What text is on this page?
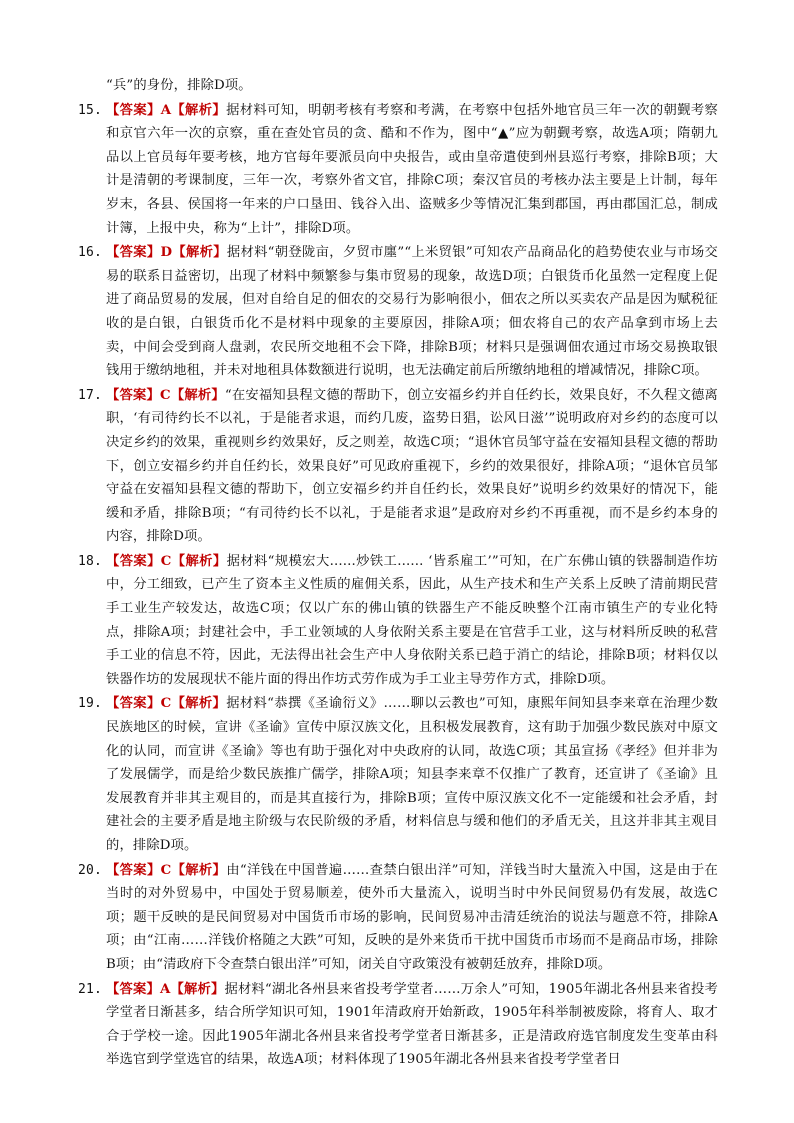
“兵”的身份，排除D项。
15. 【答案】A【解析】据材料可知，明朝考核有考察和考满，在考察中包括外地官员三年一次的朝觐考察和京官六年一次的京察，重在查处官员的贪、酷和不作为，图中“▲”应为朝觐考察，故选A项；隋朝九品以上官员每年要考核，地方官每年要派员向中央报告，或由皇帝遣使到州县巡行考察，排除B项；大计是清朝的考课制度，三年一次，考察外省文官，排除C项；秦汉官员的考核办法主要是上计制，每年岁末，各县、侯国将一年来的户口垦田、钱谷入出、盗贼多少等情况汇集到郡国，再由郡国汇总，制成计簿，上报中央，称为“上计”，排除D项。
16. 【答案】D【解析】据材料“朝登陇亩，夕贸市廛”“上米贸银”可知农产品商品化的趋势使农业与市场交易的联系日益密切，出现了材料中频繁参与集市贸易的现象，故选D项；白银货币化虽然一定程度上促进了商品贸易的发展，但对自给自足的佃农的交易行为影响很小，佃农之所以买卖农产品是因为赋税征收的是白银，白银货币化不是材料中现象的主要原因，排除A项；佃农将自己的农产品拿到市场上去卖，中间会受到商人盘剥，农民所交地租不会下降，排除B项；材料只是强调佃农通过市场交易换取银钱用于缴纳地租，并未对地租具体数额进行说明，也无法确定前后所缴纳地租的增减情况，排除C项。
17. 【答案】C【解析】“在安福知县程文德的帮助下，创立安福乡约并自任约长，效果良好，不久程文德离职，‘有司待约长不以礼，于是能者求退，而约几废，盗势日猖，讼风日滋’”说明政府对乡约的态度可以决定乡约的效果，重视则乡约效果好，反之则差，故选C项；“退休官员邹守益在安福知县程文德的帮助下，创立安福乡约并自任约长，效果良好”可见政府重视下，乡约的效果很好，排除A项；“退休官员邹守益在安福知县程文德的帮助下，创立安福乡约并自任约长，效果良好”说明乡约效果好的情况下，能缓和矛盾，排除B项；“有司待约长不以礼，于是能者求退”是政府对乡约不再重视，而不是乡约本身的内容，排除D项。
18. 【答案】C【解析】据材料“规模宏大......炒铁工...... ‘皆系雇工’”可知，在广东佛山镇的铁器制造作坊中，分工细致，已产生了资本主义性质的雇佣关系，因此，从生产技术和生产关系上反映了清前期民营手工业生产较发达，故选C项；仅以广东的佛山镇的铁器生产不能反映整个江南市镇生产的专业化特点，排除A项；封建社会中，手工业领域的人身依附关系主要是在官营手工业，这与材料所反映的私营手工业的信息不符，因此，无法得出社会生产中人身依附关系已趋于消亡的结论，排除B项；材料仅以铁器作坊的发展现状不能片面的得出作坊式劳作成为手工业主导劳作方式，排除D项。
19. 【答案】C【解析】据材料“恭撰《圣谕衍义》……聊以云教也”可知，康熙年间知县李来章在治理少数民族地区的时候，宣讲《圣谕》宣传中原汉族文化，且积极发展教育，这有助于加强少数民族对中原文化的认同，而宣讲《圣谕》等也有助于强化对中央政府的认同，故选C项；其虽宣扬《孝经》但并非为了发展儒学，而是给少数民族推广儒学，排除A项；知县李来章不仅推广了教育，还宣讲了《圣谕》且发展教育并非其主观目的，而是其直接行为，排除B项；宣传中原汉族文化不一定能缓和社会矛盾，封建社会的主要矛盾是地主阶级与农民阶级的矛盾，材料信息与缓和他们的矛盾无关，且这并非其主观目的，排除D项。
20. 【答案】C【解析】由“洋钱在中国普遍……查禁白银出洋”可知，洋钱当时大量流入中国，这是由于在当时的对外贸易中，中国处于贸易顺差，使外币大量流入，说明当时中外民间贸易仍有发展，故选C项；题干反映的是民间贸易对中国货币市场的影响，民间贸易冲击清廷统治的说法与题意不符，排除A项；由“江南……洋钱价格随之大跌”可知，反映的是外来货币干扰中国货币市场而不是商品市场，排除B项；由“清政府下令查禁白银出洋”可知，闭关自守政策没有被朝廷放弃，排除D项。
21. 【答案】A【解析】据材料“湖北各州县来省投考学堂者……万余人”可知，1905年湖北各州县来省投考学堂者日渐甚多，结合所学知识可知，1901年清政府开始新政，1905年科举制被废除，将育人、取才合于学校一途。因此1905年湖北各州县来省投考学堂者日渐甚多，正是清政府选官制度发生变革由科举选官到学堂选官的结果，故选A项；材料体现了1905年湖北各州县来省投考学堂者日
